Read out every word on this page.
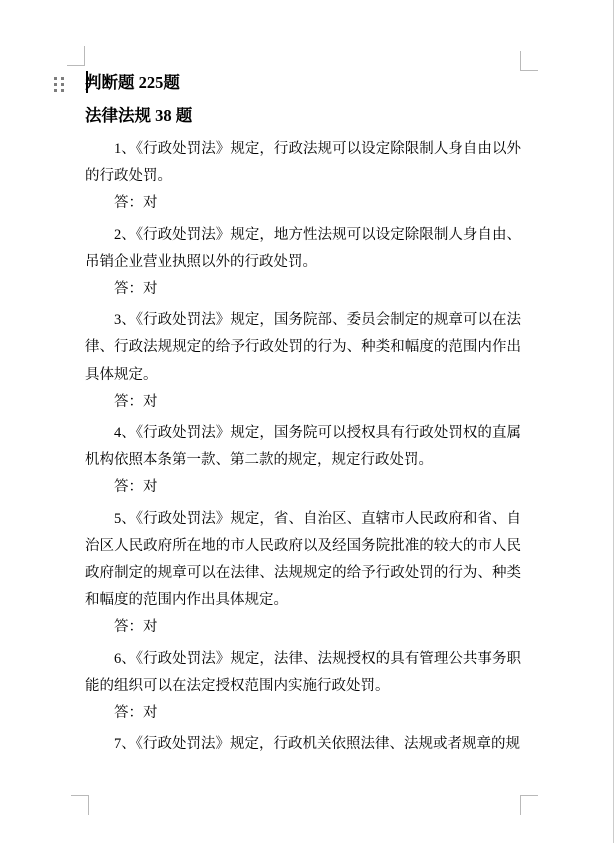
判断题 225题
法律法规 38 题

1、《行政处罚法》规定，行政法规可以设定除限制人身自由以外的行政处罚。

答：对

2、《行政处罚法》规定，地方性法规可以设定除限制人身自由、吊销企业营业执照以外的行政处罚。

答：对

3、《行政处罚法》规定，国务院部、委员会制定的规章可以在法律、行政法规规定的给予行政处罚的行为、种类和幅度的范围内作出具体规定。

答：对

4、《行政处罚法》规定，国务院可以授权具有行政处罚权的直属机构依照本条第一款、第二款的规定，规定行政处罚。

答：对

5、《行政处罚法》规定，省、自治区、直辖市人民政府和省、自治区人民政府所在地的市人民政府以及经国务院批准的较大的市人民政府制定的规章可以在法律、法规规定的给予行政处罚的行为、种类和幅度的范围内作出具体规定。

答：对

6、《行政处罚法》规定，法律、法规授权的具有管理公共事务职能的组织可以在法定授权范围内实施行政处罚。

答：对

7、《行政处罚法》规定，行政机关依照法律、法规或者规章的规
